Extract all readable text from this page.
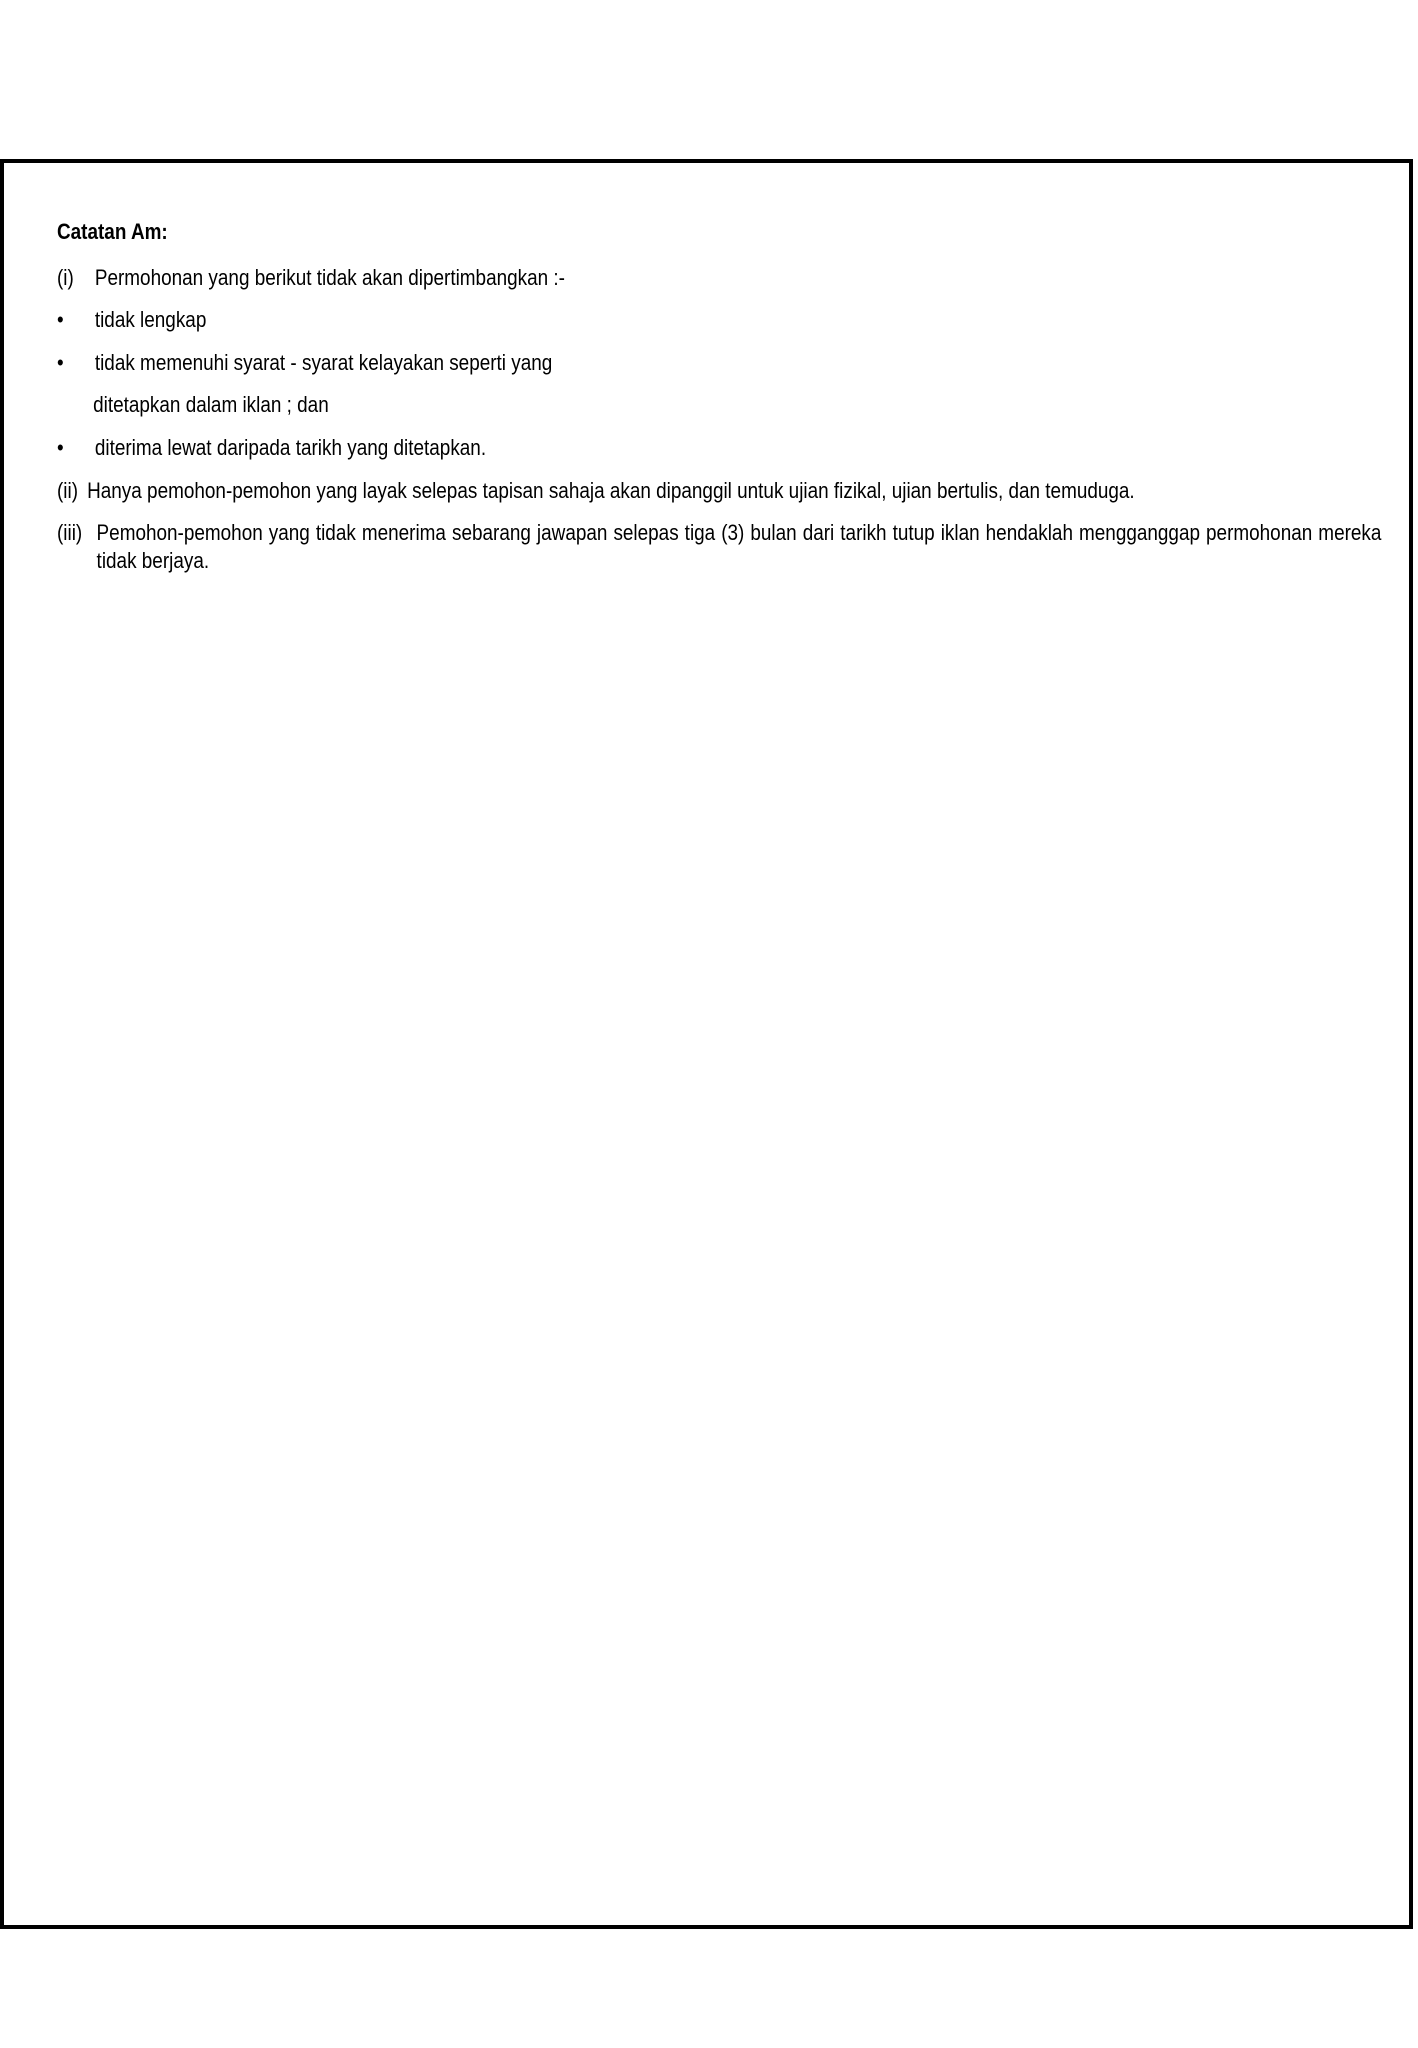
Catatan Am:
(i) Permohonan yang berikut tidak akan dipertimbangkan :-
• tidak lengkap
• tidak memenuhi syarat - syarat kelayakan seperti yang
ditetapkan dalam iklan ; dan
• diterima lewat daripada tarikh yang ditetapkan.
(ii) Hanya pemohon-pemohon yang layak selepas tapisan sahaja akan dipanggil untuk ujian fizikal, ujian bertulis, dan temuduga.
(iii) Pemohon-pemohon yang tidak menerima sebarang jawapan selepas tiga (3) bulan dari tarikh tutup iklan hendaklah mengganggap permohonan mereka tidak berjaya.
